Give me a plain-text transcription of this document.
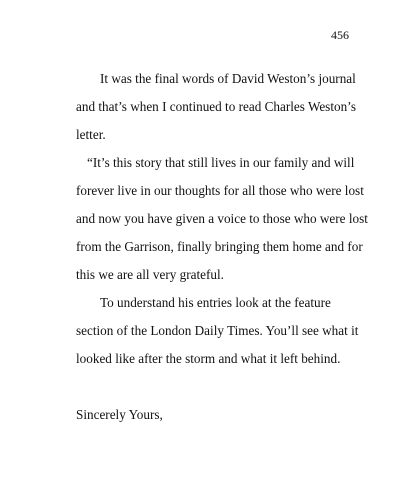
456
It was the final words of David Weston’s journal
and that’s when I continued to read Charles Weston’s
letter.
“It’s this story that still lives in our family and will
forever live in our thoughts for all those who were lost
and now you have given a voice to those who were lost
from the Garrison, finally bringing them home and for
this we are all very grateful.
To understand his entries look at the feature
section of the London Daily Times. You’ll see what it
looked like after the storm and what it left behind.
Sincerely Yours,
